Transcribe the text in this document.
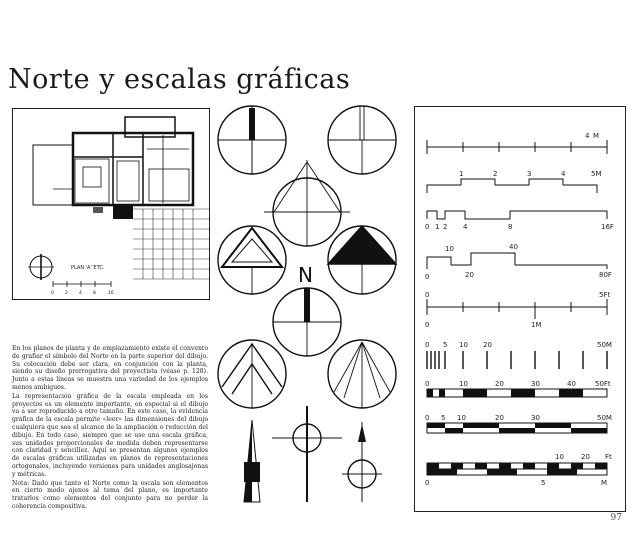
Norte y escalas gráficas
PLAN 'A' ETC.
0 2 4 8	16

En los planos de planta y de emplazamiento existe el convento de grafiar el símbolo del Norte en la parte superior del dibujo. Su colocación debe ser clara, en conjunción con la planta, siendo su diseño prerrogativa del proyectista (véase p. 128). Junto a estas líneas se muestra una variedad de los ejemplos menos ambiguos.

La representación gráfica de la escala empleada en los proyectos es un elemento importante, en especial si el dibujo va a ser reproducido a otro tamaño. En este caso, la evidencia gráfica de la escala permite «leer» las dimensiones del dibujo cualquiera que sea el alcance de la ampliación o reducción del dibujo. En todo caso, siempre que se use una escala gráfica, sus unidades proporcionales de medida deben representarse con claridad y sencillez. Aquí se presentan algunos ejemplos de escalas gráficas utilizadas en planos de representaciones ortogonales, incluyendo versiones para unidades anglosajonas y métricas.

Nota: Dado que tanto el Norte como la escala son elementos en cierto modo ajenos al tema del plano, es importante tratarlos como elementos del conjunto para no perder la coherencia compositiva.

N
4 M
1	2	3	4	5M
0 1 2 4	8	16F
0
10
20
40
80F
0	5Ft
0	1M
0 5 10 20	50M
0	10	20	30	40	50Ft
0 5 10	20	30	50M
10 20 Ft
0	5	M
97
